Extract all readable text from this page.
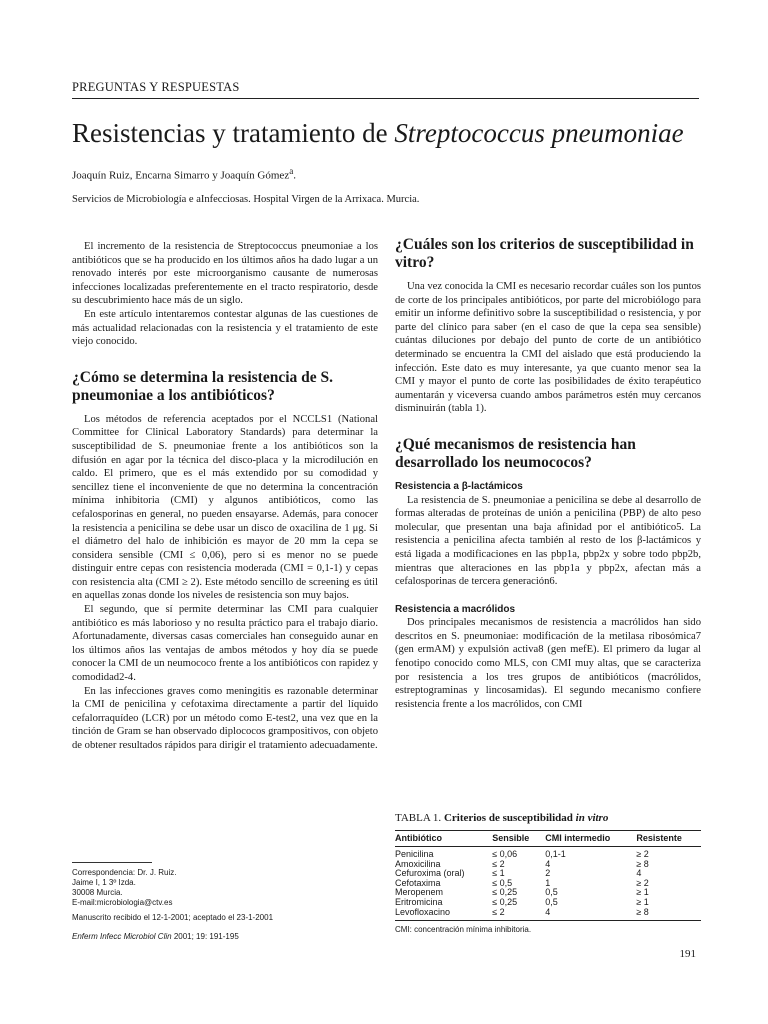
PREGUNTAS Y RESPUESTAS
Resistencias y tratamiento de Streptococcus pneumoniae
Joaquín Ruiz, Encarna Simarro y Joaquín Gómez$^a$.
Servicios de Microbiología e aInfecciosas. Hospital Virgen de la Arrixaca. Murcia.

El incremento de la resistencia de Streptococcus pneumoniae a los antibióticos que se ha producido en los últimos años ha dado lugar a un renovado interés por este microorganismo causante de numerosas infecciones localizadas preferentemente en el tracto respiratorio, desde su descubrimiento hace más de un siglo.

En este artículo intentaremos contestar algunas de las cuestiones de más actualidad relacionadas con la resistencia y el tratamiento de este viejo conocido.

¿Cómo se determina la resistencia de S. pneumoniae a los antibióticos?

Los métodos de referencia aceptados por el NCCLS1 (National Committee for Clinical Laboratory Standards) para determinar la susceptibilidad de S. pneumoniae frente a los antibióticos son la difusión en agar por la técnica del disco-placa y la microdilución en caldo. El primero, que es el más extendido por su comodidad y sencillez tiene el inconveniente de que no determina la concentración mínima inhibitoria (CMI) y algunos antibióticos, como las cefalosporinas en general, no pueden ensayarse. Además, para conocer la resistencia a penicilina se debe usar un disco de oxacilina de 1 μg. Si el diámetro del halo de inhibición es mayor de 20 mm la cepa se considera sensible (CMI ≤ 0,06), pero si es menor no se puede distinguir entre cepas con resistencia moderada (CMI = 0,1-1) y cepas con resistencia alta (CMI ≥ 2). Este método sencillo de screening es útil en aquellas zonas donde los niveles de resistencia son muy bajos.

El segundo, que sí permite determinar las CMI para cualquier antibiótico es más laborioso y no resulta práctico para el trabajo diario. Afortunadamente, diversas casas comerciales han conseguido aunar en los últimos años las ventajas de ambos métodos y hoy día se puede conocer la CMI de un neumococo frente a los antibióticos con rapidez y comodidad2-4.

En las infecciones graves como meningitis es razonable determinar la CMI de penicilina y cefotaxima directamente a partir del líquido cefalorraquídeo (LCR) por un método como E-test2, una vez que en la tinción de Gram se han observado diplococos grampositivos, con objeto de obtener resultados rápidos para dirigir el tratamiento adecuadamente.

¿Cuáles son los criterios de susceptibilidad in vitro?

Una vez conocida la CMI es necesario recordar cuáles son los puntos de corte de los principales antibióticos, por parte del microbiólogo para emitir un informe definitivo sobre la susceptibilidad o resistencia, y por parte del clínico para saber (en el caso de que la cepa sea sensible) cuántas diluciones por debajo del punto de corte de un antibiótico determinado se encuentra la CMI del aislado que está produciendo la infección. Este dato es muy interesante, ya que cuanto menor sea la CMI y mayor el punto de corte las posibilidades de éxito terapéutico aumentarán y viceversa cuando ambos parámetros estén muy cercanos disminuirán (tabla 1).

¿Qué mecanismos de resistencia han desarrollado los neumococos?
Resistencia a β-lactámicos

La resistencia de S. pneumoniae a penicilina se debe al desarrollo de formas alteradas de proteínas de unión a penicilina (PBP) de alto peso molecular, que presentan una baja afinidad por el antibiótico5. La resistencia a penicilina afecta también al resto de los β-lactámicos y está ligada a modificaciones en las pbp1a, pbp2x y sobre todo pbp2b, mientras que alteraciones en las pbp1a y pbp2x, afectan más a cefalosporinas de tercera generación6.

Resistencia a macrólidos

Dos principales mecanismos de resistencia a macrólidos han sido descritos en S. pneumoniae: modificación de la metilasa ribosómica7 (gen ermAM) y expulsión activa8 (gen mefE). El primero da lugar al fenotipo conocido como MLS, con CMI muy altas, que se caracteriza por resistencia a los tres grupos de antibióticos (macrólidos, estreptograminas y lincosamidas). El segundo mecanismo confiere resistencia frente a los macrólidos, con CMI

TABLA 1. Criterios de susceptibilidad in vitro
Antibiótico	Sensible	CMI intermedio	Resistente
Penicilina	≤ 0,06	0,1-1	≥ 2
Amoxicilina	≤ 2	4	≥ 8
Cefuroxima (oral)	≤ 1	2	4
Cefotaxima	≤ 0,5	1	≥ 2
Meropenem	≤ 0,25	0,5	≥ 1
Eritromicina	≤ 0,25	0,5	≥ 1
Levofloxacino	≤ 2	4	≥ 8
CMI: concentración mínima inhibitoria.
Correspondencia: Dr. J. Ruiz.
Jaime I, 1 3º Izda.
30008 Murcia.
E-mail:microbiologia@ctv.es
Manuscrito recibido el 12-1-2001; aceptado el 23-1-2001
Enferm Infecc Microbiol Clin 2001; 19: 191-195
191
